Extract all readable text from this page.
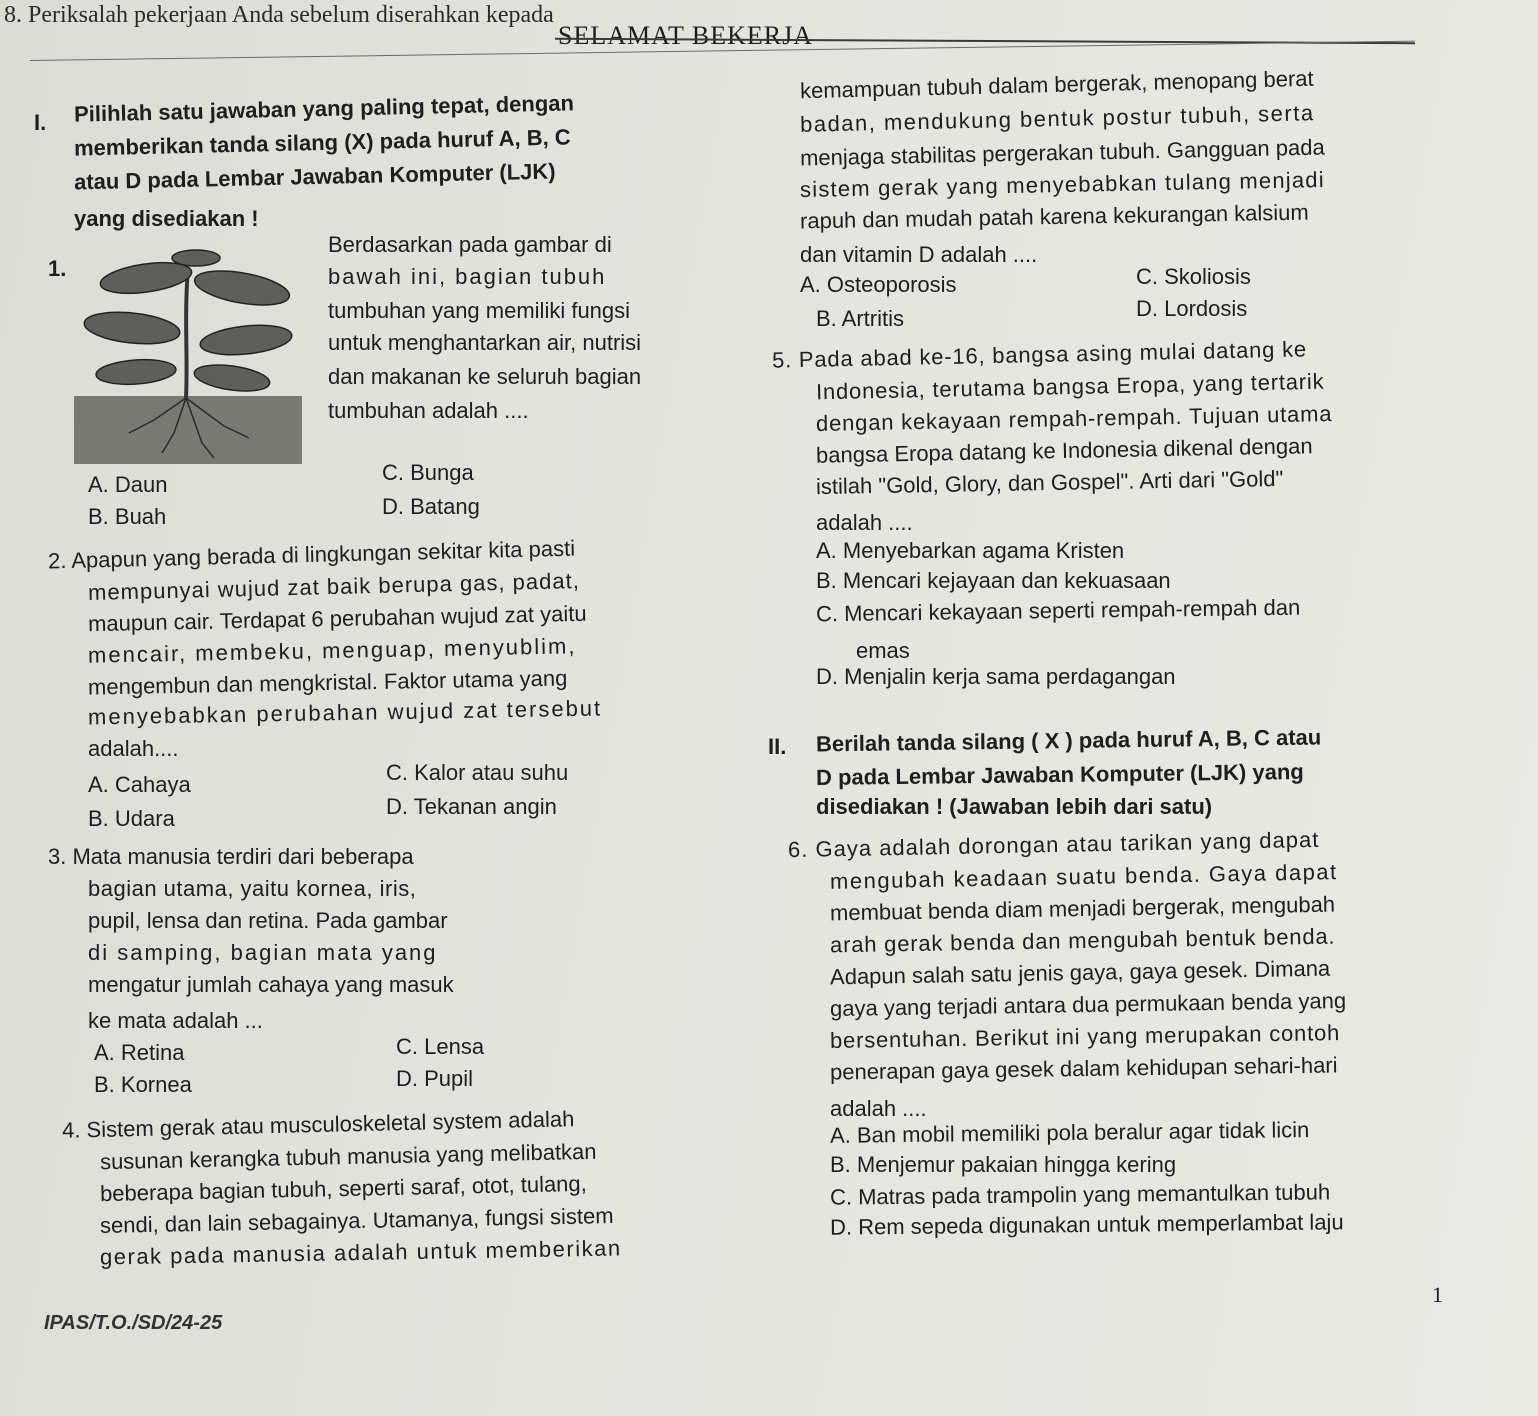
8. Periksalah pekerjaan Anda sebelum diserahkan kepada
SELAMAT BEKERJA
I. Pilihlah satu jawaban yang paling tepat, dengan
memberikan tanda silang (X) pada huruf A, B, C
atau D pada Lembar Jawaban Komputer (LJK)
yang disediakan !
1.
Berdasarkan pada gambar di
bawah ini, bagian tubuh
tumbuhan yang memiliki fungsi
untuk menghantarkan air, nutrisi
dan makanan ke seluruh bagian
tumbuhan adalah ....
A. Daun
B. Buah
C. Bunga
D. Batang
2. Apapun yang berada di lingkungan sekitar kita pasti
mempunyai wujud zat baik berupa gas, padat,
maupun cair. Terdapat 6 perubahan wujud zat yaitu
mencair, membeku, menguap, menyublim,
mengembun dan mengkristal. Faktor utama yang
menyebabkan perubahan wujud zat tersebut
adalah....
A. Cahaya
B. Udara
C. Kalor atau suhu
D. Tekanan angin
3. Mata manusia terdiri dari beberapa
bagian utama, yaitu kornea, iris,
pupil, lensa dan retina. Pada gambar
di samping, bagian mata yang
mengatur jumlah cahaya yang masuk
ke mata adalah ...
A. Retina
B. Kornea
C. Lensa
D. Pupil
4. Sistem gerak atau musculoskeletal system adalah
susunan kerangka tubuh manusia yang melibatkan
beberapa bagian tubuh, seperti saraf, otot, tulang,
sendi, dan lain sebagainya. Utamanya, fungsi sistem
gerak pada manusia adalah untuk memberikan
kemampuan tubuh dalam bergerak, menopang berat
badan, mendukung bentuk postur tubuh, serta
menjaga stabilitas pergerakan tubuh. Gangguan pada
sistem gerak yang menyebabkan tulang menjadi
rapuh dan mudah patah karena kekurangan kalsium
dan vitamin D adalah ....
A. Osteoporosis
B. Artritis
C. Skoliosis
D. Lordosis
5. Pada abad ke-16, bangsa asing mulai datang ke
Indonesia, terutama bangsa Eropa, yang tertarik
dengan kekayaan rempah-rempah. Tujuan utama
bangsa Eropa datang ke Indonesia dikenal dengan
istilah "Gold, Glory, dan Gospel". Arti dari "Gold"
adalah ....
A. Menyebarkan agama Kristen
B. Mencari kejayaan dan kekuasaan
C. Mencari kekayaan seperti rempah-rempah dan
emas
D. Menjalin kerja sama perdagangan
II. Berilah tanda silang ( X ) pada huruf A, B, C atau
D pada Lembar Jawaban Komputer (LJK) yang
disediakan ! (Jawaban lebih dari satu)
6. Gaya adalah dorongan atau tarikan yang dapat
mengubah keadaan suatu benda. Gaya dapat
membuat benda diam menjadi bergerak, mengubah
arah gerak benda dan mengubah bentuk benda.
Adapun salah satu jenis gaya, gaya gesek. Dimana
gaya yang terjadi antara dua permukaan benda yang
bersentuhan. Berikut ini yang merupakan contoh
penerapan gaya gesek dalam kehidupan sehari-hari
adalah ....
A. Ban mobil memiliki pola beralur agar tidak licin
B. Menjemur pakaian hingga kering
C. Matras pada trampolin yang memantulkan tubuh
D. Rem sepeda digunakan untuk memperlambat laju
IPAS/T.O./SD/24-25
1
